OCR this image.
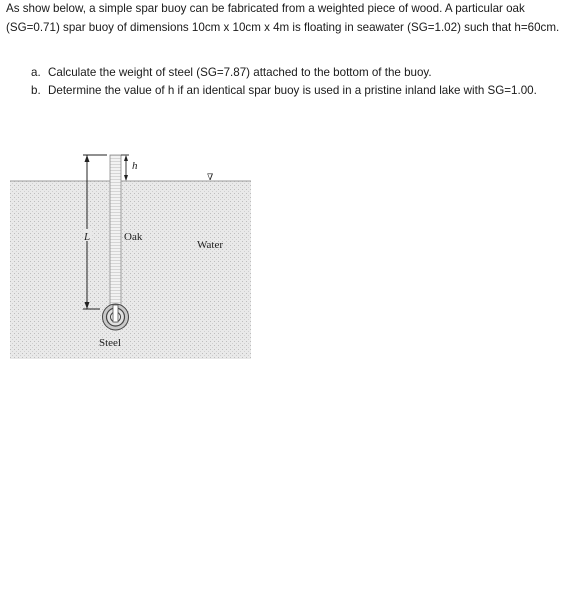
As show below, a simple spar buoy can be fabricated from a weighted piece of wood. A particular oak (SG=0.71) spar buoy of dimensions 10cm x 10cm x 4m is floating in seawater (SG=1.02) such that h=60cm.
a. Calculate the weight of steel (SG=7.87) attached to the bottom of the buoy.
b. Determine the value of h if an identical spar buoy is used in a pristine inland lake with SG=1.00.
h
L	Oak
Water
Steel
∇
